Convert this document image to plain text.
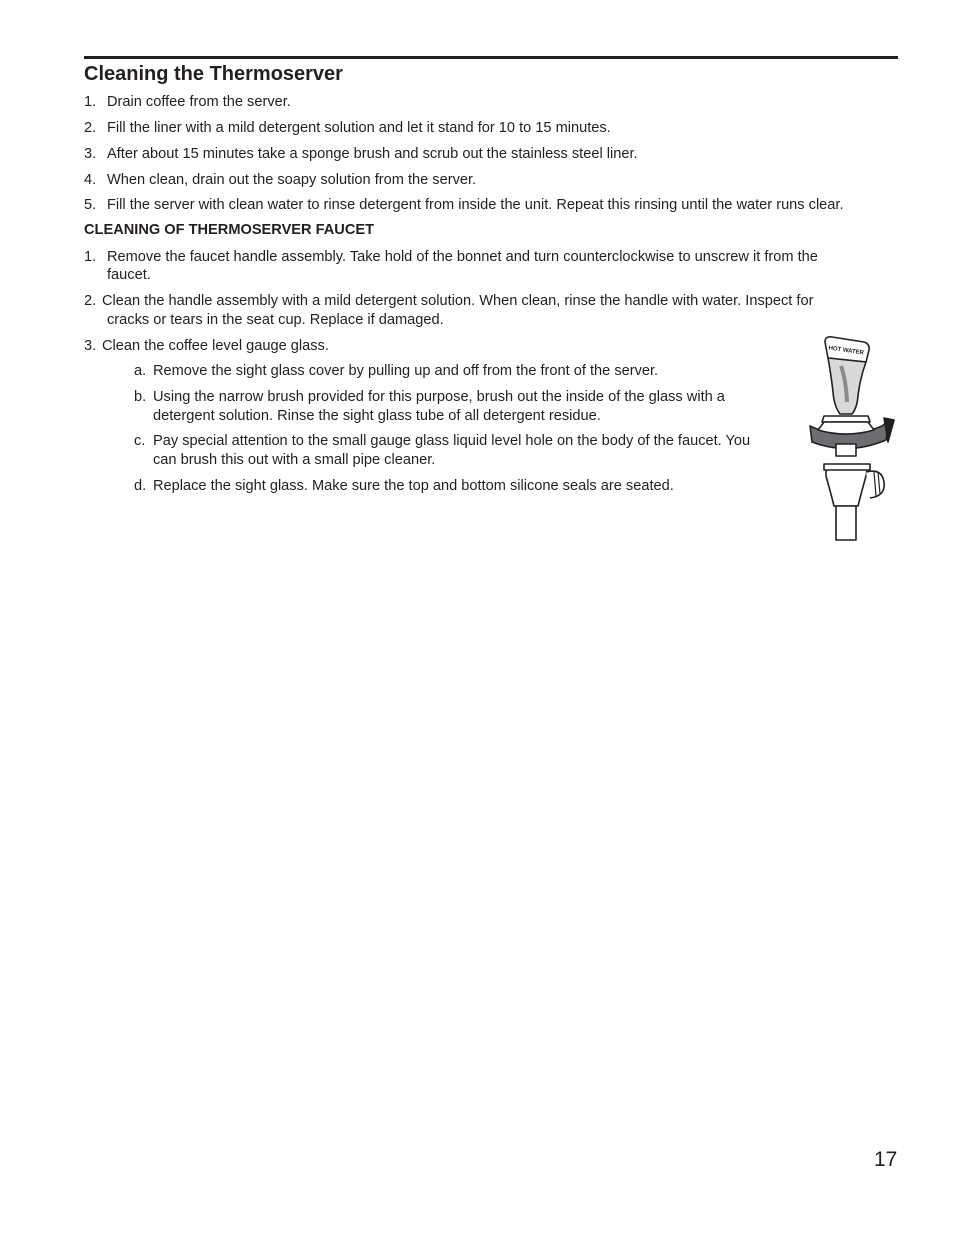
Cleaning the Thermoserver
1. Drain coffee from the server.

2. Fill the liner with a mild detergent solution and let it stand for 10 to 15 minutes.

3. After about 15 minutes take a sponge brush and scrub out the stainless steel liner.

4. When clean, drain out the soapy solution from the server.

5. Fill the server with clean water to rinse detergent from inside the unit. Repeat this rinsing until the water runs clear.

CLEANING OF THERMOSERVER FAUCET
1. Remove the faucet handle assembly. Take hold of the bonnet and turn counterclockwise to unscrew it from the

faucet.

2. Clean the handle assembly with a mild detergent solution. When clean, rinse the handle with water. Inspect for

cracks or tears in the seat cup. Replace if damaged.

3. Clean the coffee level gauge glass.

a. Remove the sight glass cover by pulling up and off from the front of the server.

b. Using the narrow brush provided for this purpose, brush out the inside of the glass with a

detergent solution. Rinse the sight glass tube of all detergent residue.

c. Pay special attention to the small gauge glass liquid level hole on the body of the faucet. You

can brush this out with a small pipe cleaner.

d. Replace the sight glass. Make sure the top and bottom silicone seals are seated.

HOT WATER
17
